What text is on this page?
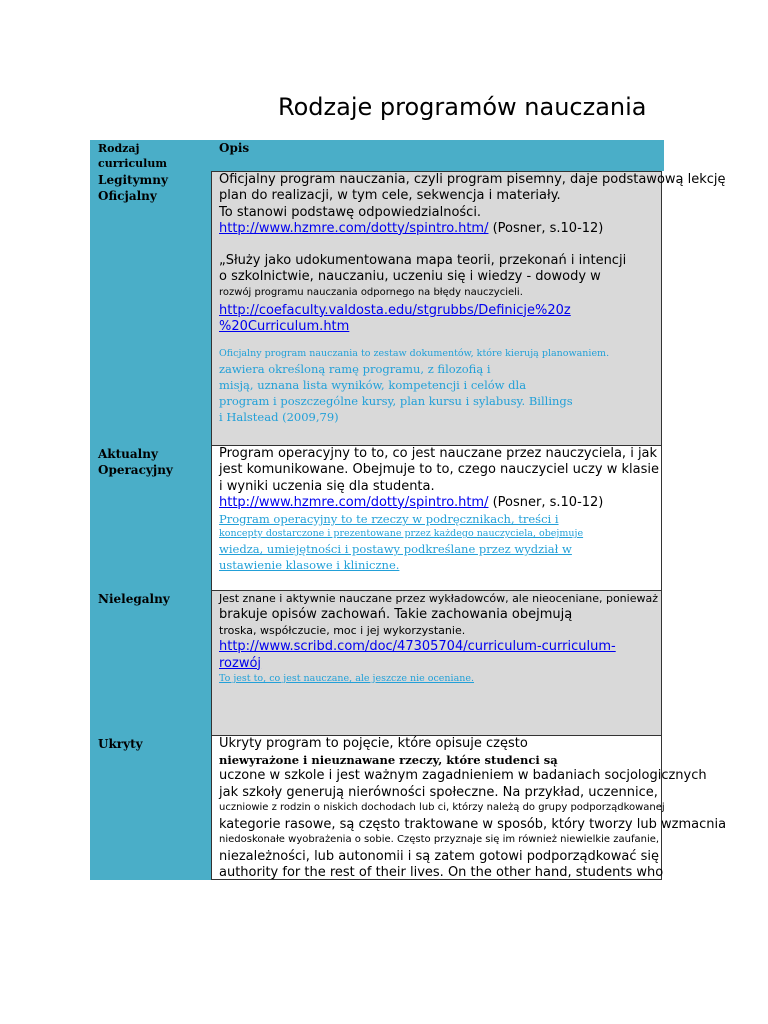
Rodzaje programów nauczania
Rodzaj
curriculum
Opis
Legitymny
Oficjalny
Aktualny
Operacyjny
Nielegalny
Ukryty
Oficjalny program nauczania, czyli program pisemny, daje podstawową lekcję
plan do realizacji, w tym cele, sekwencja i materiały.
To stanowi podstawę odpowiedzialności.
http://www.hzmre.com/dotty/spintro.htm/ (Posner, s.10-12)
„Służy jako udokumentowana mapa teorii, przekonań i intencji
o szkolnictwie, nauczaniu, uczeniu się i wiedzy - dowody w
rozwój programu nauczania odpornego na błędy nauczycieli.
http://coefaculty.valdosta.edu/stgrubbs/Definicje%20z
%20Curriculum.htm
Oficjalny program nauczania to zestaw dokumentów, które kierują planowaniem.
zawiera określoną ramę programu, z filozofią i
misją, uznana lista wyników, kompetencji i celów dla
program i poszczególne kursy, plan kursu i sylabusy. Billings
i Halstead (2009,79)
Program operacyjny to to, co jest nauczane przez nauczyciela, i jak
jest komunikowane. Obejmuje to to, czego nauczyciel uczy w klasie
i wyniki uczenia się dla studenta.
http://www.hzmre.com/dotty/spintro.htm/ (Posner, s.10-12)
Program operacyjny to te rzeczy w podręcznikach, treści i
koncepty dostarczone i prezentowane przez każdego nauczyciela, obejmuje
wiedza, umiejętności i postawy podkreślane przez wydział w
ustawienie klasowe i kliniczne.
Jest znane i aktywnie nauczane przez wykładowców, ale nieoceniane, ponieważ
brakuje opisów zachowań. Takie zachowania obejmują
troska, współczucie, moc i jej wykorzystanie.
http://www.scribd.com/doc/47305704/curriculum-curriculum-
rozwój
To jest to, co jest nauczane, ale jeszcze nie oceniane.
Ukryty program to pojęcie, które opisuje często
niewyrażone i nieuznawane rzeczy, które studenci są
uczone w szkole i jest ważnym zagadnieniem w badaniach socjologicznych
jak szkoły generują nierówności społeczne. Na przykład, uczennice,
uczniowie z rodzin o niskich dochodach lub ci, którzy należą do grupy podporządkowanej
kategorie rasowe, są często traktowane w sposób, który tworzy lub wzmacnia
niedoskonałe wyobrażenia o sobie. Często przyznaje się im również niewielkie zaufanie,
niezależności, lub autonomii i są zatem gotowi podporządkować się
authority for the rest of their lives. On the other hand, students who
